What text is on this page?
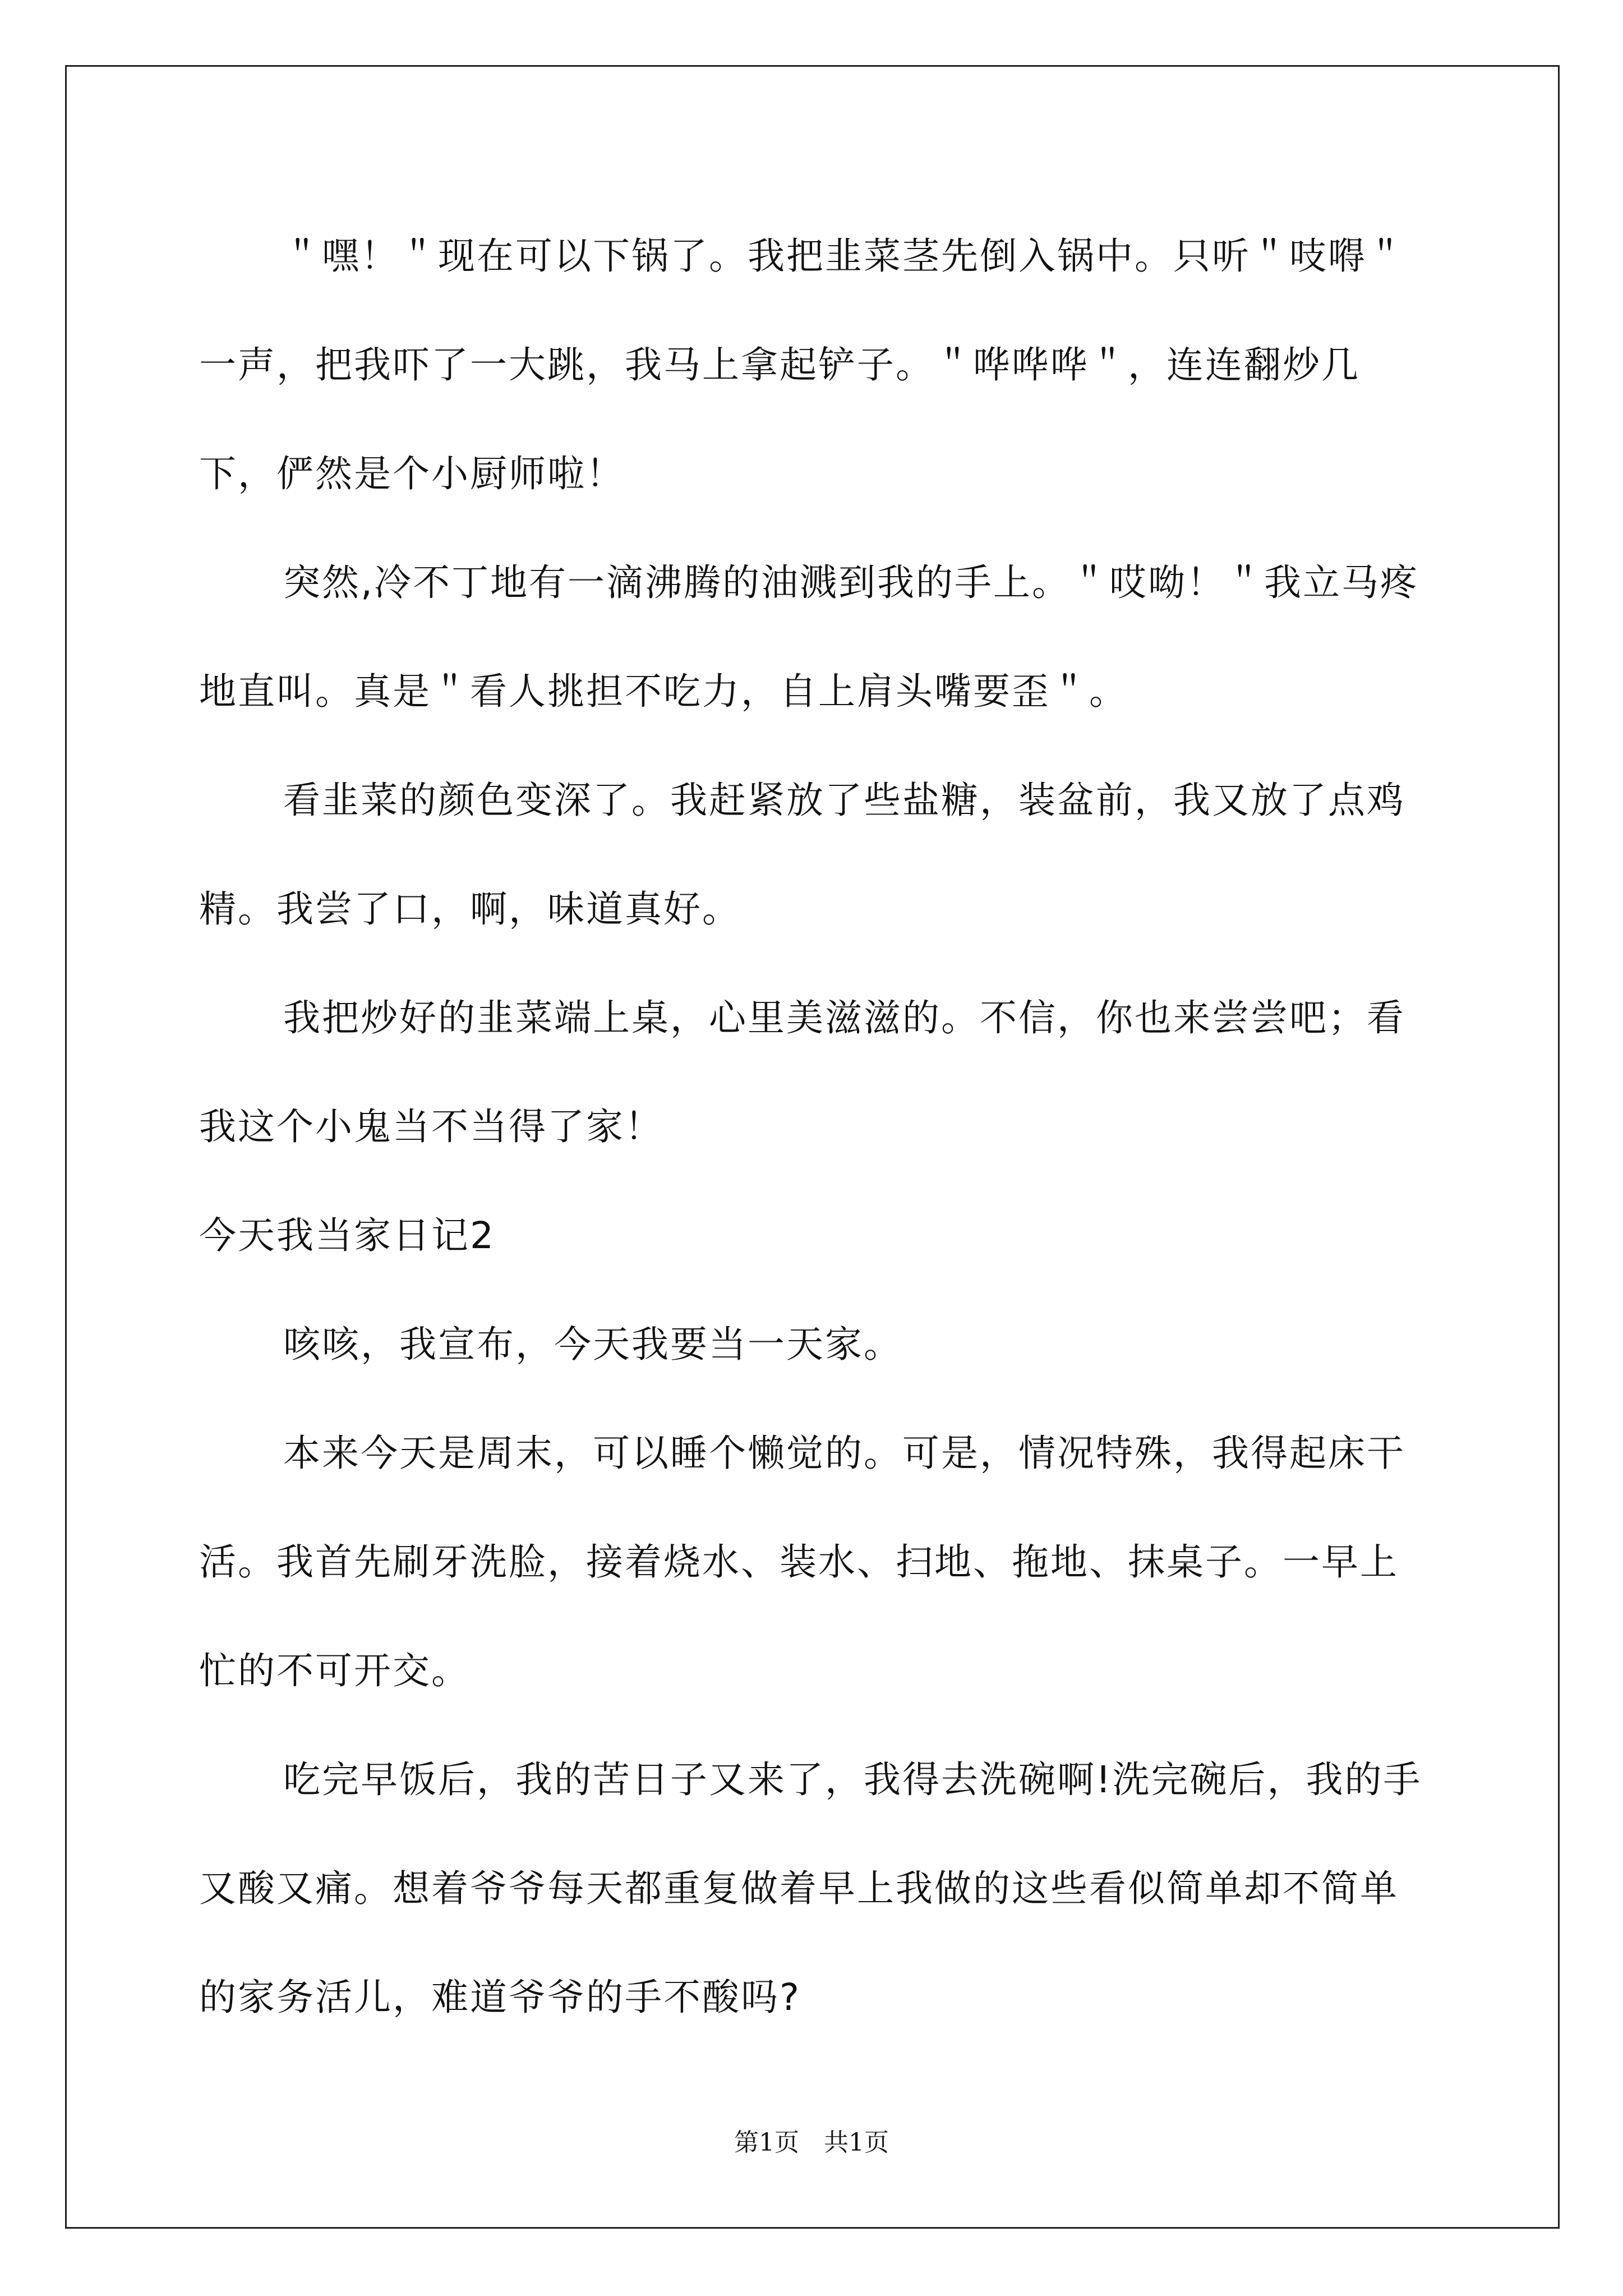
＂嘿！＂现在可以下锅了。我把韭菜茎先倒入锅中。只听＂吱嘚＂一声，把我吓了一大跳，我马上拿起铲子。＂哗哗哗＂，连连翻炒几下，俨然是个小厨师啦！

突然,冷不丁地有一滴沸腾的油溅到我的手上。＂哎呦！＂我立马疼地直叫。真是＂看人挑担不吃力，自上肩头嘴要歪＂。

看韭菜的颜色变深了。我赶紧放了些盐糖，装盆前，我又放了点鸡精。我尝了口，啊，味道真好。

我把炒好的韭菜端上桌，心里美滋滋的。不信，你也来尝尝吧；看我这个小鬼当不当得了家！

今天我当家日记2

咳咳，我宣布，今天我要当一天家。

本来今天是周末，可以睡个懒觉的。可是，情况特殊，我得起床干活。我首先刷牙洗脸，接着烧水、装水、扫地、拖地、抹桌子。一早上忙的不可开交。

吃完早饭后，我的苦日子又来了，我得去洗碗啊!洗完碗后，我的手又酸又痛。想着爷爷每天都重复做着早上我做的这些看似简单却不简单的家务活儿，难道爷爷的手不酸吗?

第1页　共1页
